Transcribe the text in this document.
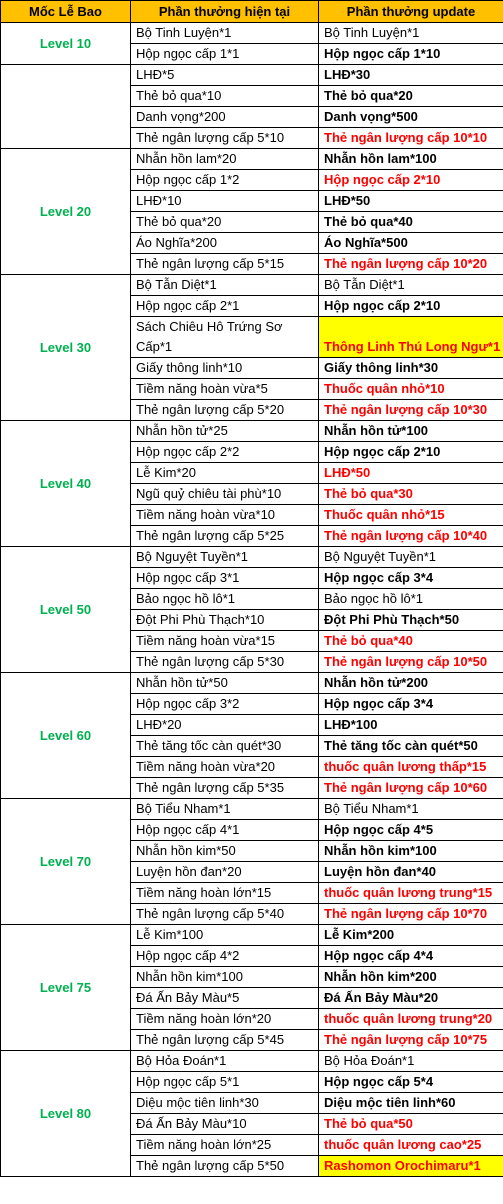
Mốc Lễ Bao	Phần thưởng hiện tại	Phần thưởng update
Level 10	Bộ Tinh Luyện*1	Bộ Tinh Luyện*1
	Hộp ngọc cấp 1*1	Hộp ngọc cấp 1*10
	LHĐ*5	LHĐ*30
	Thẻ bỏ qua*10	Thẻ bỏ qua*20
	Danh vọng*200	Danh vọng*500
	Thẻ ngân lượng cấp 5*10	Thẻ ngân lượng cấp 10*10
Level 20	Nhẫn hồn lam*20	Nhẫn hồn lam*100
	Hộp ngọc cấp 1*2	Hộp ngọc cấp 2*10
	LHĐ*10	LHĐ*50
	Thẻ bỏ qua*20	Thẻ bỏ qua*40
	Áo Nghĩa*200	Áo Nghĩa*500
	Thẻ ngân lượng cấp 5*15	Thẻ ngân lượng cấp 10*20
Level 30	Bộ Tẫn Diệt*1	Bộ Tẫn Diệt*1
	Hộp ngọc cấp 2*1	Hộp ngọc cấp 2*10
	Sách Chiêu Hô Trứng Sơ Cấp*1	Thông Linh Thú Long Ngư*1
	Giấy thông linh*10	Giấy thông linh*30
	Tiềm năng hoàn vừa*5	Thuốc quân nhỏ*10
	Thẻ ngân lượng cấp 5*20	Thẻ ngân lượng cấp 10*30
Level 40	Nhẫn hồn tử*25	Nhẫn hồn tử*100
	Hộp ngọc cấp 2*2	Hộp ngọc cấp 2*10
	Lễ Kim*20	LHĐ*50
	Ngũ quỷ chiêu tài phù*10	Thẻ bỏ qua*30
	Tiềm năng hoàn vừa*10	Thuốc quân nhỏ*15
	Thẻ ngân lượng cấp 5*25	Thẻ ngân lượng cấp 10*40
Level 50	Bộ Nguyệt Tuyền*1	Bộ Nguyệt Tuyền*1
	Hộp ngọc cấp 3*1	Hộp ngọc cấp 3*4
	Bảo ngọc hồ lô*1	Bảo ngọc hồ lô*1
	Đột Phi Phù Thạch*10	Đột Phi Phù Thạch*50
	Tiềm năng hoàn vừa*15	Thẻ bỏ qua*40
	Thẻ ngân lượng cấp 5*30	Thẻ ngân lượng cấp 10*50
Level 60	Nhẫn hồn tử*50	Nhẫn hồn tử*200
	Hộp ngọc cấp 3*2	Hộp ngọc cấp 3*4
	LHĐ*20	LHĐ*100
	Thẻ tăng tốc càn quét*30	Thẻ tăng tốc càn quét*50
	Tiềm năng hoàn vừa*20	thuốc quân lương thấp*15
	Thẻ ngân lượng cấp 5*35	Thẻ ngân lượng cấp 10*60
Level 70	Bộ Tiểu Nham*1	Bộ Tiểu Nham*1
	Hộp ngọc cấp 4*1	Hộp ngọc cấp 4*5
	Nhẫn hồn kim*50	Nhẫn hồn kim*100
	Luyện hồn đan*20	Luyện hồn đan*40
	Tiềm năng hoàn lớn*15	thuốc quân lương trung*15
	Thẻ ngân lượng cấp 5*40	Thẻ ngân lượng cấp 10*70
Level 75	Lễ Kim*100	Lễ Kim*200
	Hộp ngọc cấp 4*2	Hộp ngọc cấp 4*4
	Nhẫn hồn kim*100	Nhẫn hồn kim*200
	Đá Ấn Bảy Màu*5	Đá Ấn Bảy Màu*20
	Tiềm năng hoàn lớn*20	thuốc quân lương trung*20
	Thẻ ngân lượng cấp 5*45	Thẻ ngân lượng cấp 10*75
Level 80	Bộ Hỏa Đoán*1	Bộ Hỏa Đoán*1
	Hộp ngọc cấp 5*1	Hộp ngọc cấp 5*4
	Diệu mộc tiên linh*30	Diệu mộc tiên linh*60
	Đá Ấn Bảy Màu*10	Thẻ bỏ qua*50
	Tiềm năng hoàn lớn*25	thuốc quân lương cao*25
	Thẻ ngân lượng cấp 5*50	Rashomon Orochimaru*1
